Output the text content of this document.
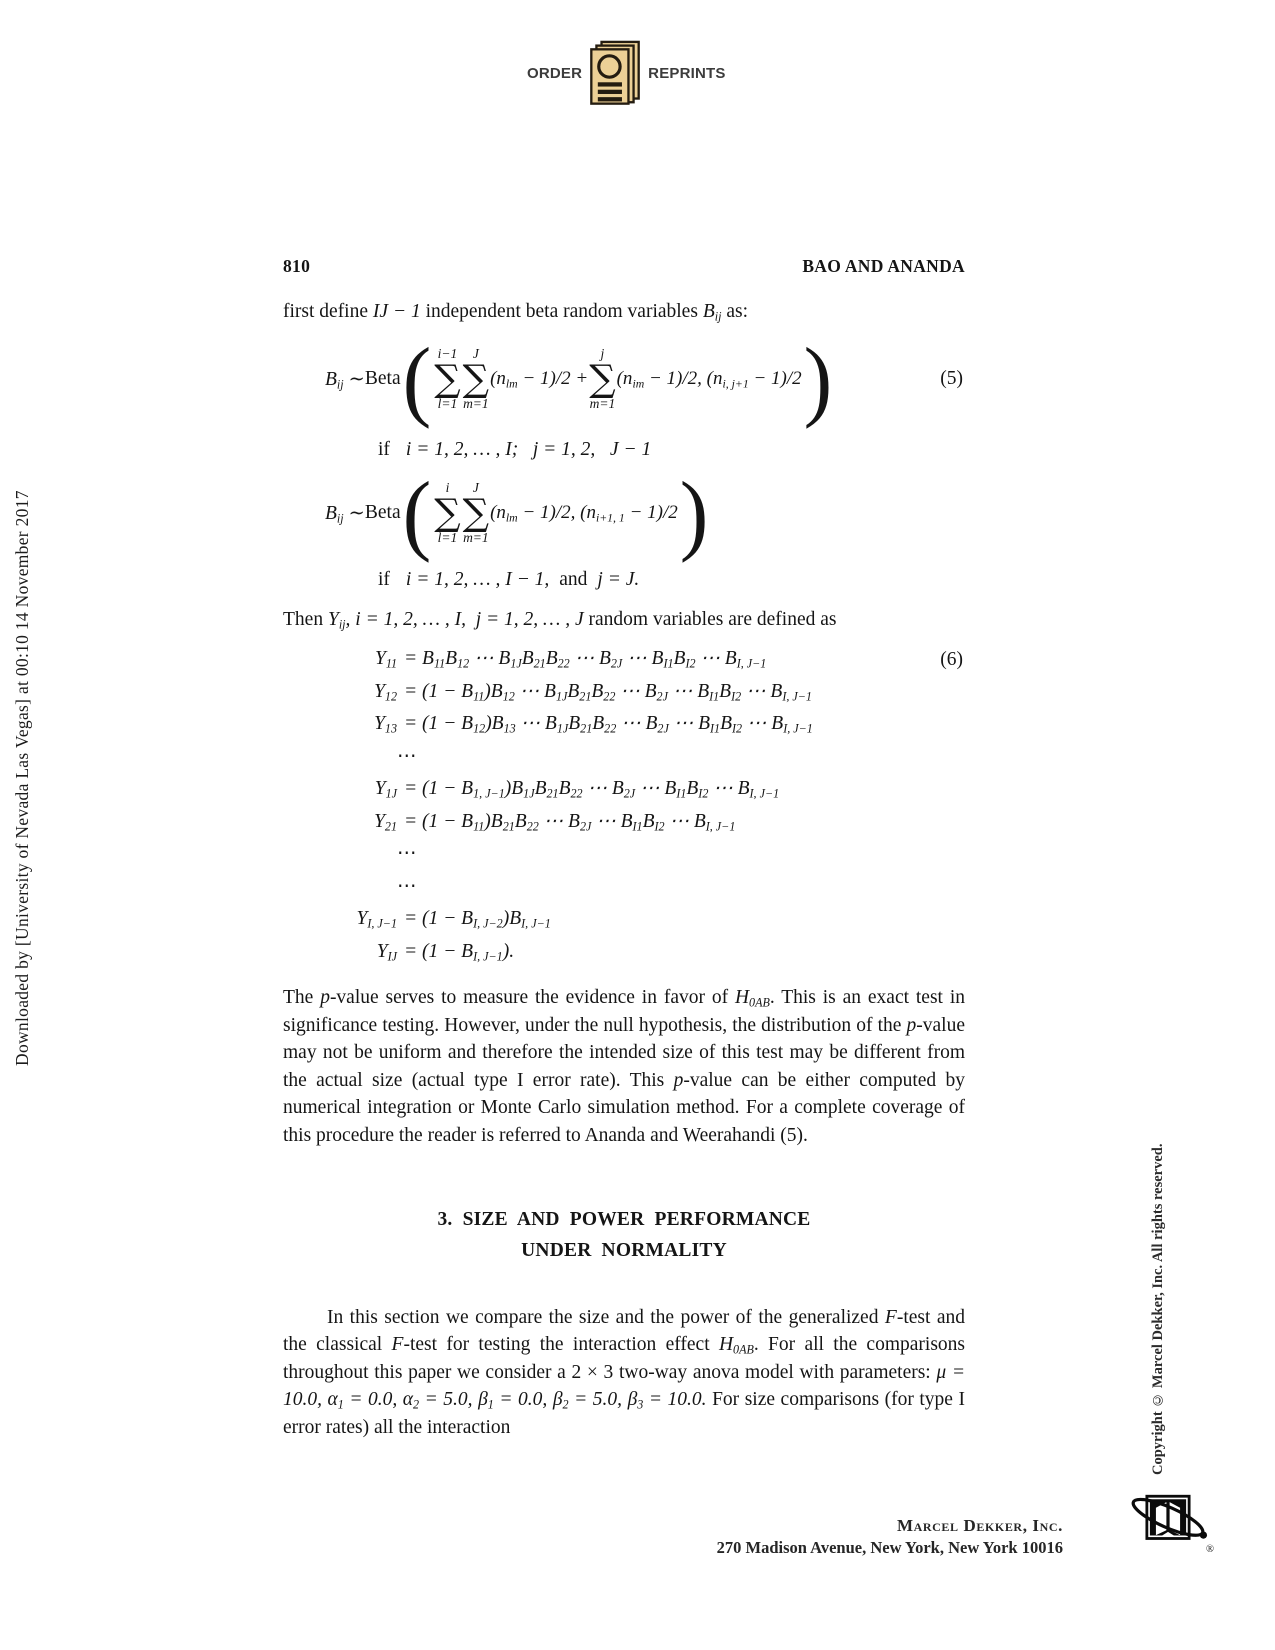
ORDER	REPRINTS
Downloaded by [University of Nevada Las Vegas] at 00:10 14 November 2017
Copyright © Marcel Dekker, Inc. All rights reserved.
810	BAO AND ANANDA
first define IJ − 1 independent beta random variables $B_{ij}$ as:
$B_{ij}$ ∼ Beta ( i−1
∑
l=1
J
∑
m=1
$(n_{lm} - 1)/2$ +
j
∑
m=1
$(n_{im} - 1)/2$, $(n_{i, j+1} - 1)/2$ )	(5)
if i = 1, 2, … , I;   j = 1, 2,   J − 1
$B_{ij}$ ∼ Beta ( i
∑
l=1
J
∑
m=1
$(n_{lm} - 1)/2$, $(n_{i+1, 1} - 1)/2$ )
if i = 1, 2, … , I − 1, and j = J.
Then $Y_{ij}$, i = 1, 2, … , I,  j = 1, 2, … , J random variables are defined as
(6)
$Y_{11} = B_{11}B_{12}$ ⋯ $B_{1J}B_{21}B_{22}$ ⋯ $B_{2J}$ ⋯ $B_{I1}B_{I2}$ ⋯ $B_{I, J-1}$
$Y_{12} = (1 - B_{11})B_{12}$ ⋯ $B_{1J}B_{21}B_{22}$ ⋯ $B_{2J}$ ⋯ $B_{I1}B_{I2}$ ⋯ $B_{I, J-1}$
$Y_{13} = (1 - B_{12})B_{13}$ ⋯ $B_{1J}B_{21}B_{22}$ ⋯ $B_{2J}$ ⋯ $B_{I1}B_{I2}$ ⋯ $B_{I, J-1}$
⋯
$Y_{1J} = (1 - B_{1, J-1})B_{1J}B_{21}B_{22}$ ⋯ $B_{2J}$ ⋯ $B_{I1}B_{I2}$ ⋯ $B_{I, J-1}$
$Y_{21} = (1 - B_{11})B_{21}B_{22}$ ⋯ $B_{2J}$ ⋯ $B_{I1}B_{I2}$ ⋯ $B_{I, J-1}$
⋯
⋯
$Y_{I, J-1} = (1 - B_{I, J-2})B_{I, J-1}$
$Y_{IJ} = (1 - B_{I, J-1})$.

The p-value serves to measure the evidence in favor of $H_{0AB}$. This is an exact test in significance testing. However, under the null hypothesis, the distribution of the p-value may not be uniform and therefore the intended size of this test may be different from the actual size (actual type I error rate). This p-value can be either computed by numerical integration or Monte Carlo simulation method. For a complete coverage of this procedure the reader is referred to Ananda and Weerahandi (5).

3. SIZE AND POWER PERFORMANCE
UNDER NORMALITY

In this section we compare the size and the power of the generalized F-test and the classical F-test for testing the interaction effect $H_{0AB}$. For all the comparisons throughout this paper we consider a 2 × 3 two-way anova model with parameters: μ = 10.0, $\alpha_1 = 0.0$, $\alpha_2 = 5.0$, $\beta_1 = 0.0$, $\beta_2 = 5.0$, $\beta_3 = 10.0$. For size comparisons (for type I error rates) all the interaction

Marcel Dekker, Inc.
270 Madison Avenue, New York, New York 10016	®
